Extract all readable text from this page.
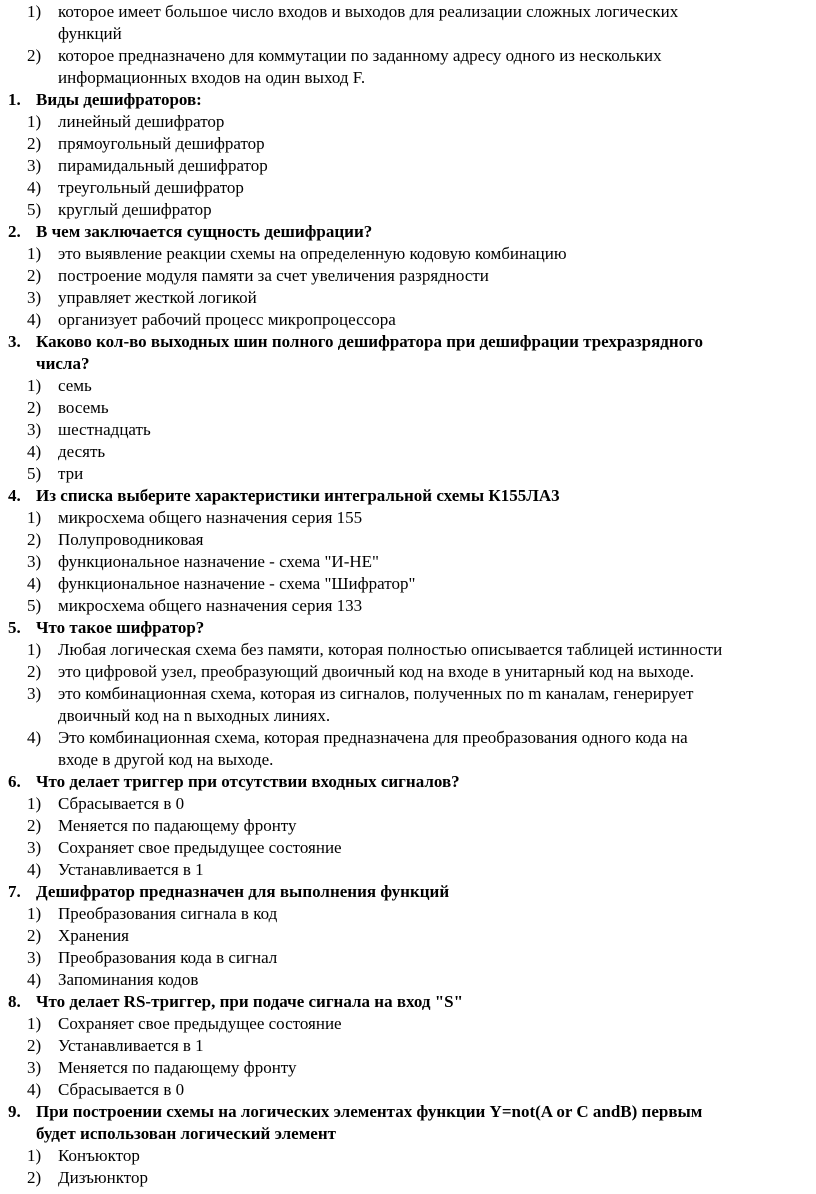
1) которое имеет большое число входов и выходов для реализации сложных логических
функций
2) которое предназначено для коммутации по заданному адресу одного из нескольких
информационных входов на один выход F.
1. Виды дешифраторов:
1) линейный дешифратор
2) прямоугольный дешифратор
3) пирамидальный дешифратор
4) треугольный дешифратор
5) круглый дешифратор
2. В чем заключается сущность дешифрации?
1) это выявление реакции схемы на определенную кодовую комбинацию
2) построение модуля памяти за счет увеличения разрядности
3) управляет жесткой логикой
4) организует рабочий процесс микропроцессора
3. Каково кол-во выходных шин полного дешифратора при дешифрации трехразрядного
числа?
1) семь
2) восемь
3) шестнадцать
4) десять
5) три
4. Из списка выберите характеристики интегральной схемы К155ЛА3
1) микросхема общего назначения серия 155
2) Полупроводниковая
3) функциональное назначение - схема "И-НЕ"
4) функциональное назначение - схема "Шифратор"
5) микросхема общего назначения серия 133
5. Что такое шифратор?
1) Любая логическая схема без памяти, которая полностью описывается таблицей истинности
2) это цифровой узел, преобразующий двоичный код на входе в унитарный код на выходе.
3) это комбинационная схема, которая из сигналов, полученных по m каналам, генерирует
двоичный код на n выходных линиях.
4) Это комбинационная схема, которая предназначена для преобразования одного кода на
входе в другой код на выходе.
6. Что делает триггер при отсутствии входных сигналов?
1) Сбрасывается в 0
2) Меняется по падающему фронту
3) Сохраняет свое предыдущее состояние
4) Устанавливается в 1
7. Дешифратор предназначен для выполнения функций
1) Преобразования сигнала в код
2) Хранения
3) Преобразования кода в сигнал
4) Запоминания кодов
8. Что делает RS-триггер, при подаче сигнала на вход "S"
1) Сохраняет свое предыдущее состояние
2) Устанавливается в 1
3) Меняется по падающему фронту
4) Сбрасывается в 0
9. При построении схемы на логических элементах функции Y=not(A or C andB) первым
будет использован логический элемент
1) Конъюктор
2) Дизъюнктор
